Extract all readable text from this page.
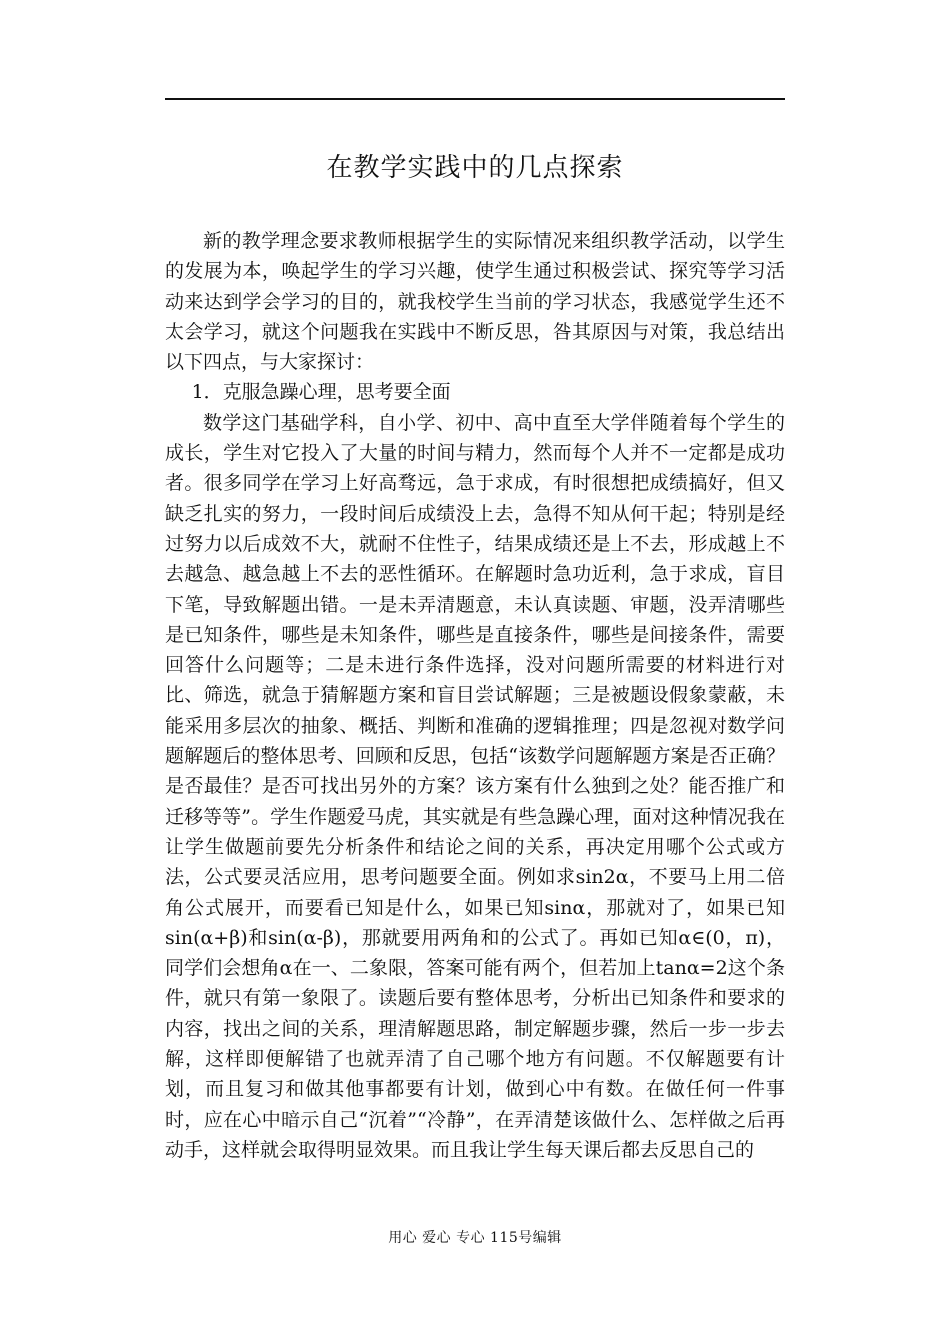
在教学实践中的几点探索

新的教学理念要求教师根据学生的实际情况来组织教学活动，以学生的发展为本，唤起学生的学习兴趣，使学生通过积极尝试、探究等学习活动来达到学会学习的目的，就我校学生当前的学习状态，我感觉学生还不太会学习，就这个问题我在实践中不断反思，咎其原因与对策，我总结出以下四点，与大家探讨：

1．克服急躁心理，思考要全面

数学这门基础学科，自小学、初中、高中直至大学伴随着每个学生的成长，学生对它投入了大量的时间与精力，然而每个人并不一定都是成功者。很多同学在学习上好高骛远，急于求成，有时很想把成绩搞好，但又缺乏扎实的努力，一段时间后成绩没上去，急得不知从何干起；特别是经过努力以后成效不大，就耐不住性子，结果成绩还是上不去，形成越上不去越急、越急越上不去的恶性循环。在解题时急功近利，急于求成，盲目下笔，导致解题出错。一是未弄清题意，未认真读题、审题，没弄清哪些是已知条件，哪些是未知条件，哪些是直接条件，哪些是间接条件，需要回答什么问题等；二是未进行条件选择，没对问题所需要的材料进行对比、筛选，就急于猜解题方案和盲目尝试解题；三是被题设假象蒙蔽，未能采用多层次的抽象、概括、判断和准确的逻辑推理；四是忽视对数学问题解题后的整体思考、回顾和反思，包括“该数学问题解题方案是否正确？是否最佳？是否可找出另外的方案？该方案有什么独到之处？能否推广和迁移等等”。学生作题爱马虎，其实就是有些急躁心理，面对这种情况我在让学生做题前要先分析条件和结论之间的关系，再决定用哪个公式或方法，公式要灵活应用，思考问题要全面。例如求sin2α，不要马上用二倍角公式展开，而要看已知是什么，如果已知sinα，那就对了，如果已知sin(α+β)和sin(α-β)，那就要用两角和的公式了。再如已知α∈(0，π)，同学们会想角α在一、二象限，答案可能有两个，但若加上tanα=2这个条件，就只有第一象限了。读题后要有整体思考，分析出已知条件和要求的内容，找出之间的关系，理清解题思路，制定解题步骤，然后一步一步去解，这样即便解错了也就弄清了自己哪个地方有问题。不仅解题要有计划，而且复习和做其他事都要有计划，做到心中有数。在做任何一件事时，应在心中暗示自己“沉着”“冷静”，在弄清楚该做什么、怎样做之后再动手，这样就会取得明显效果。而且我让学生每天课后都去反思自己的

用心 爱心 专心 115号编辑
